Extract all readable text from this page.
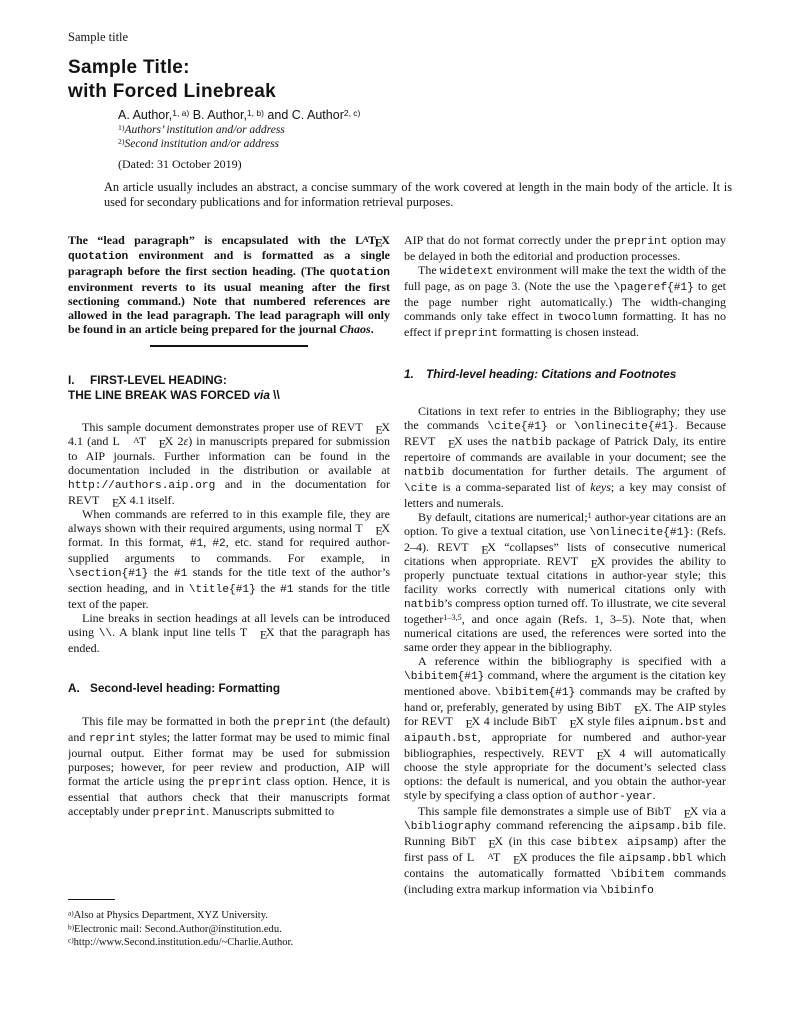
Sample title
Sample Title:
with Forced Linebreak
A. Author,$^{1, a)}$ B. Author,$^{1, b)}$ and C. Author$^{2, c)}$
$^{1)}$Authors’ institution and/or address
$^{2)}$Second institution and/or address
(Dated: 31 October 2019)
An article usually includes an abstract, a concise summary of the work covered at length in the main body of the article. It is used for secondary publications and for information retrieval purposes.

The “lead paragraph” is encapsulated with the LATEX quotation environment and is formatted as a single paragraph before the first section heading. (The quotation environment reverts to its usual meaning after the first sectioning command.) Note that numbered references are allowed in the lead paragraph. The lead paragraph will only be found in an article being prepared for the journal Chaos.

I. FIRST-LEVEL HEADING:
THE LINE BREAK WAS FORCED via \\

This sample document demonstrates proper use of REVT EX 4.1 (and L AT EX 2ε) in manuscripts prepared for submission to AIP journals. Further information can be found in the documentation included in the distribution or available at http://authors.aip.org and in the documentation for REVT EX 4.1 itself.

When commands are referred to in this example file, they are always shown with their required arguments, using normal T EX format. In this format, #1, #2, etc. stand for required author-supplied arguments to commands. For example, in \section{#1} the #1 stands for the title text of the author’s section heading, and in \title{#1} the #1 stands for the title text of the paper.

Line breaks in section headings at all levels can be introduced using \\. A blank input line tells T EX that the paragraph has ended.

A. Second-level heading: Formatting

This file may be formatted in both the preprint (the default) and reprint styles; the latter format may be used to mimic final journal output. Either format may be used for submission purposes; however, for peer review and production, AIP will format the article using the preprint class option. Hence, it is essential that authors check that their manuscripts format acceptably under preprint. Manuscripts submitted to

$^{a)}$Also at Physics Department, XYZ University.

$^{b)}$Electronic mail: Second.Author@institution.edu.

$^{c)}$http://www.Second.institution.edu/~Charlie.Author.

AIP that do not format correctly under the preprint option may be delayed in both the editorial and production processes.

The widetext environment will make the text the width of the full page, as on page 3. (Note the use the \pageref{#1} to get the page number right automatically.) The width-changing commands only take effect in twocolumn formatting. It has no effect if preprint formatting is chosen instead.

1. Third-level heading: Citations and Footnotes

Citations in text refer to entries in the Bibliography; they use the commands \cite{#1} or \onlinecite{#1}. Because REVT EX uses the natbib package of Patrick Daly, its entire repertoire of commands are available in your document; see the natbib documentation for further details. The argument of \cite is a comma-separated list of keys; a key may consist of letters and numerals.

By default, citations are numerical;$^1$ author-year citations are an option. To give a textual citation, use \onlinecite{#1}: (Refs. 2–4). REVT EX “collapses” lists of consecutive numerical citations when appropriate. REVT EX provides the ability to properly punctuate textual citations in author-year style; this facility works correctly with numerical citations only with natbib’s compress option turned off. To illustrate, we cite several together$^{1-3,5}$, and once again (Refs. 1, 3–5). Note that, when numerical citations are used, the references were sorted into the same order they appear in the bibliography.

A reference within the bibliography is specified with a \bibitem{#1} command, where the argument is the citation key mentioned above. \bibitem{#1} commands may be crafted by hand or, preferably, generated by using BibT EX. The AIP styles for REVT EX 4 include BibT EX style files aipnum.bst and aipauth.bst, appropriate for numbered and author-year bibliographies, respectively. REVT EX 4 will automatically choose the style appropriate for the document’s selected class options: the default is numerical, and you obtain the author-year style by specifying a class option of author-year.

This sample file demonstrates a simple use of BibT EX via a \bibliography command referencing the aipsamp.bib file. Running BibT EX (in this case bibtex aipsamp) after the first pass of L AT EX produces the file aipsamp.bbl which contains the automatically formatted \bibitem commands (including extra markup information via \bibinfo
